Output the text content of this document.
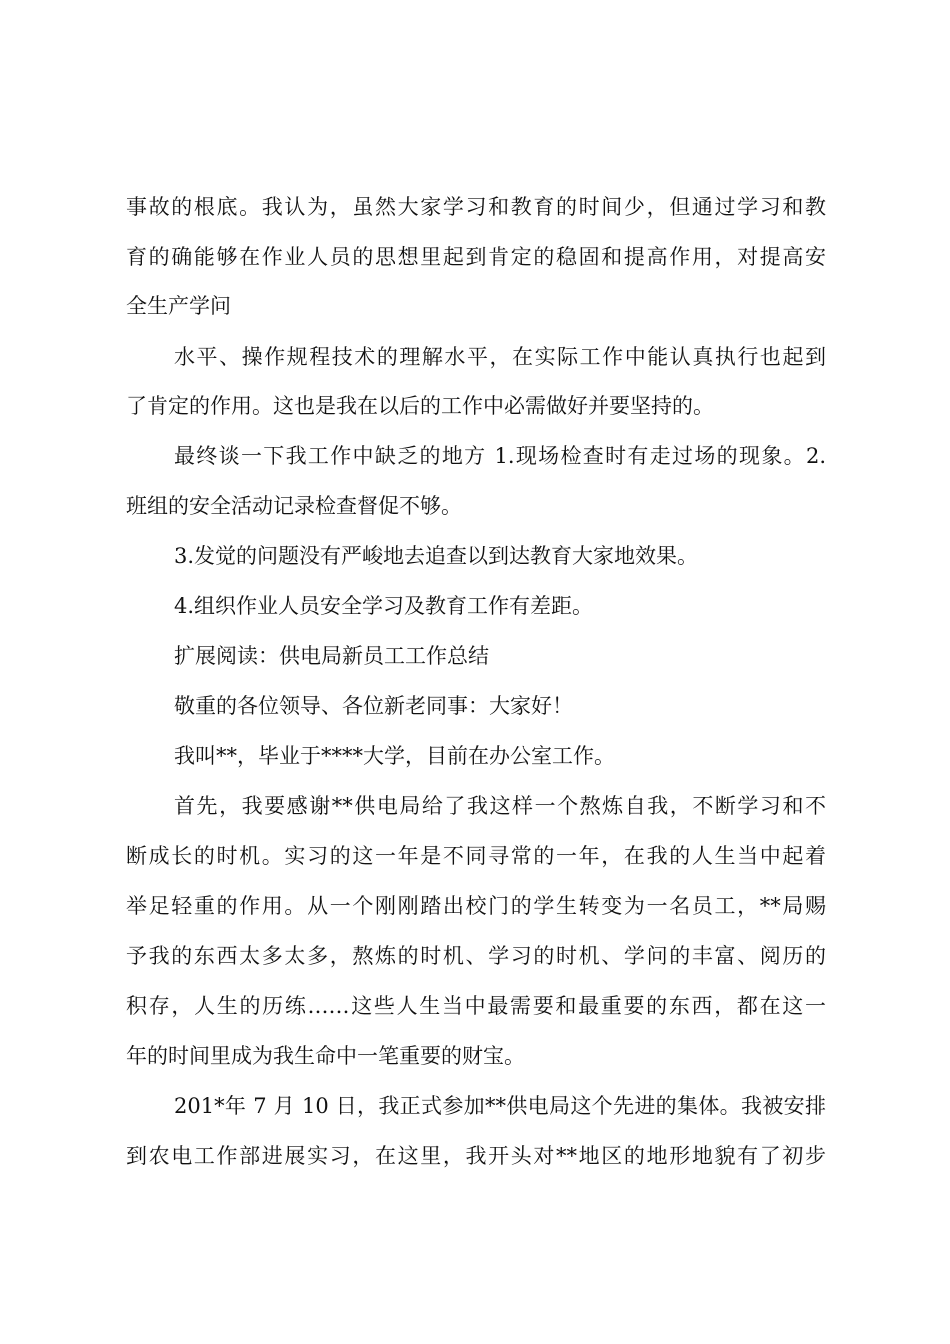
事故的根底。我认为，虽然大家学习和教育的时间少，但通过学习和教
育的确能够在作业人员的思想里起到肯定的稳固和提高作用，对提高安
全生产学问
水平、操作规程技术的理解水平，在实际工作中能认真执行也起到
了肯定的作用。这也是我在以后的工作中必需做好并要坚持的。
最终谈一下我工作中缺乏的地方 1.现场检查时有走过场的现象。2.
班组的安全活动记录检查督促不够。
3.发觉的问题没有严峻地去追查以到达教育大家地效果。
4.组织作业人员安全学习及教育工作有差距。
扩展阅读：供电局新员工工作总结
敬重的各位领导、各位新老同事：大家好！
我叫**，毕业于****大学，目前在办公室工作。
首先，我要感谢**供电局给了我这样一个熬炼自我，不断学习和不
断成长的时机。实习的这一年是不同寻常的一年，在我的人生当中起着
举足轻重的作用。从一个刚刚踏出校门的学生转变为一名员工，**局赐
予我的东西太多太多，熬炼的时机、学习的时机、学问的丰富、阅历的
积存，人生的历练……这些人生当中最需要和最重要的东西，都在这一
年的时间里成为我生命中一笔重要的财宝。
201*年 7 月 10 日，我正式参加**供电局这个先进的集体。我被安排
到农电工作部进展实习，在这里，我开头对**地区的地形地貌有了初步
